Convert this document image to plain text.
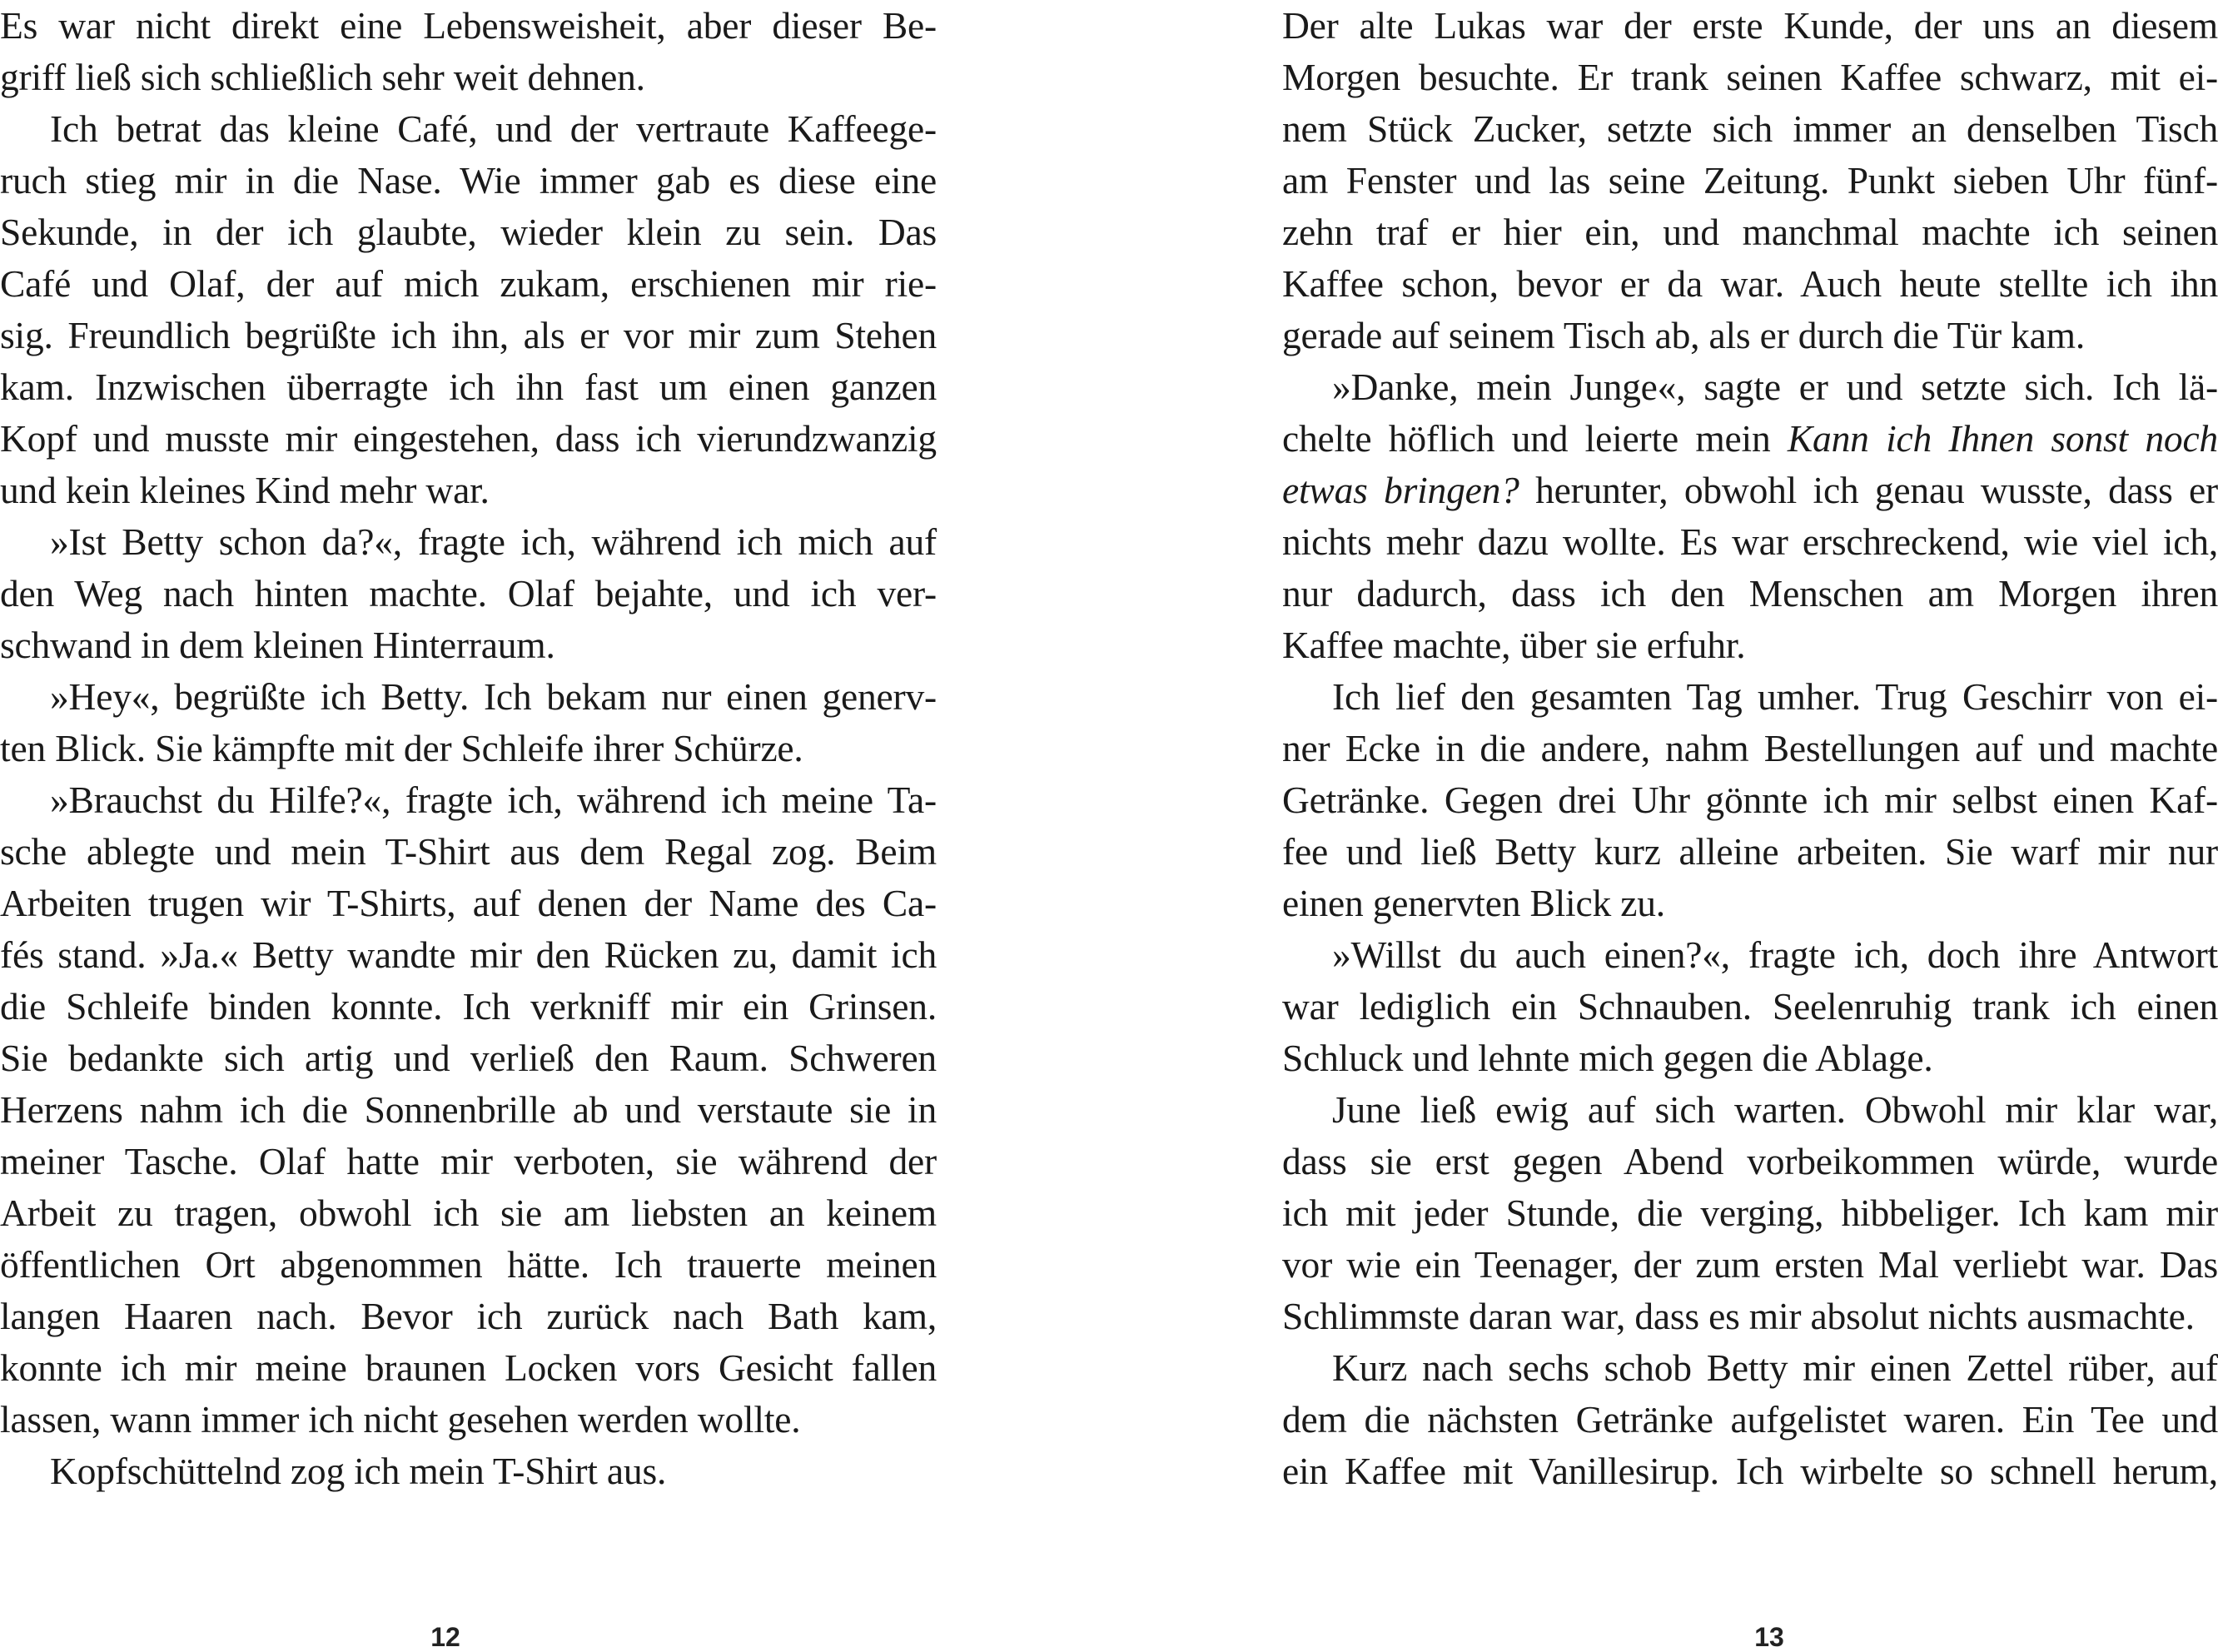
Es war nicht direkt eine Lebensweisheit, aber dieser Be-
griff ließ sich schließlich sehr weit dehnen.
Ich betrat das kleine Café, und der vertraute Kaffeege-
ruch stieg mir in die Nase. Wie immer gab es diese eine
Sekunde, in der ich glaubte, wieder klein zu sein. Das
Café und Olaf, der auf mich zukam, erschienen mir rie-
sig. Freundlich begrüßte ich ihn, als er vor mir zum Stehen
kam. Inzwischen überragte ich ihn fast um einen ganzen
Kopf und musste mir eingestehen, dass ich vierundzwanzig
und kein kleines Kind mehr war.
»Ist Betty schon da?«, fragte ich, während ich mich auf
den Weg nach hinten machte. Olaf bejahte, und ich ver-
schwand in dem kleinen Hinterraum.
»Hey«, begrüßte ich Betty. Ich bekam nur einen generv-
ten Blick. Sie kämpfte mit der Schleife ihrer Schürze.
»Brauchst du Hilfe?«, fragte ich, während ich meine Ta-
sche ablegte und mein T-Shirt aus dem Regal zog. Beim
Arbeiten trugen wir T-Shirts, auf denen der Name des Ca-
fés stand. »Ja.« Betty wandte mir den Rücken zu, damit ich
die Schleife binden konnte. Ich verkniff mir ein Grinsen.
Sie bedankte sich artig und verließ den Raum. Schweren
Herzens nahm ich die Sonnenbrille ab und verstaute sie in
meiner Tasche. Olaf hatte mir verboten, sie während der
Arbeit zu tragen, obwohl ich sie am liebsten an keinem
öffentlichen Ort abgenommen hätte. Ich trauerte meinen
langen Haaren nach. Bevor ich zurück nach Bath kam,
konnte ich mir meine braunen Locken vors Gesicht fallen
lassen, wann immer ich nicht gesehen werden wollte.
Kopfschüttelnd zog ich mein T-Shirt aus.
12
Der alte Lukas war der erste Kunde, der uns an diesem
Morgen besuchte. Er trank seinen Kaffee schwarz, mit ei-
nem Stück Zucker, setzte sich immer an denselben Tisch
am Fenster und las seine Zeitung. Punkt sieben Uhr fünf-
zehn traf er hier ein, und manchmal machte ich seinen
Kaffee schon, bevor er da war. Auch heute stellte ich ihn
gerade auf seinem Tisch ab, als er durch die Tür kam.
»Danke, mein Junge«, sagte er und setzte sich. Ich lä-
chelte höflich und leierte mein Kann ich Ihnen sonst noch
etwas bringen? herunter, obwohl ich genau wusste, dass er
nichts mehr dazu wollte. Es war erschreckend, wie viel ich,
nur dadurch, dass ich den Menschen am Morgen ihren
Kaffee machte, über sie erfuhr.
Ich lief den gesamten Tag umher. Trug Geschirr von ei-
ner Ecke in die andere, nahm Bestellungen auf und machte
Getränke. Gegen drei Uhr gönnte ich mir selbst einen Kaf-
fee und ließ Betty kurz alleine arbeiten. Sie warf mir nur
einen genervten Blick zu.
»Willst du auch einen?«, fragte ich, doch ihre Antwort
war lediglich ein Schnauben. Seelenruhig trank ich einen
Schluck und lehnte mich gegen die Ablage.
June ließ ewig auf sich warten. Obwohl mir klar war,
dass sie erst gegen Abend vorbeikommen würde, wurde
ich mit jeder Stunde, die verging, hibbeliger. Ich kam mir
vor wie ein Teenager, der zum ersten Mal verliebt war. Das
Schlimmste daran war, dass es mir absolut nichts ausmachte.
Kurz nach sechs schob Betty mir einen Zettel rüber, auf
dem die nächsten Getränke aufgelistet waren. Ein Tee und
ein Kaffee mit Vanillesirup. Ich wirbelte so schnell herum,
13
